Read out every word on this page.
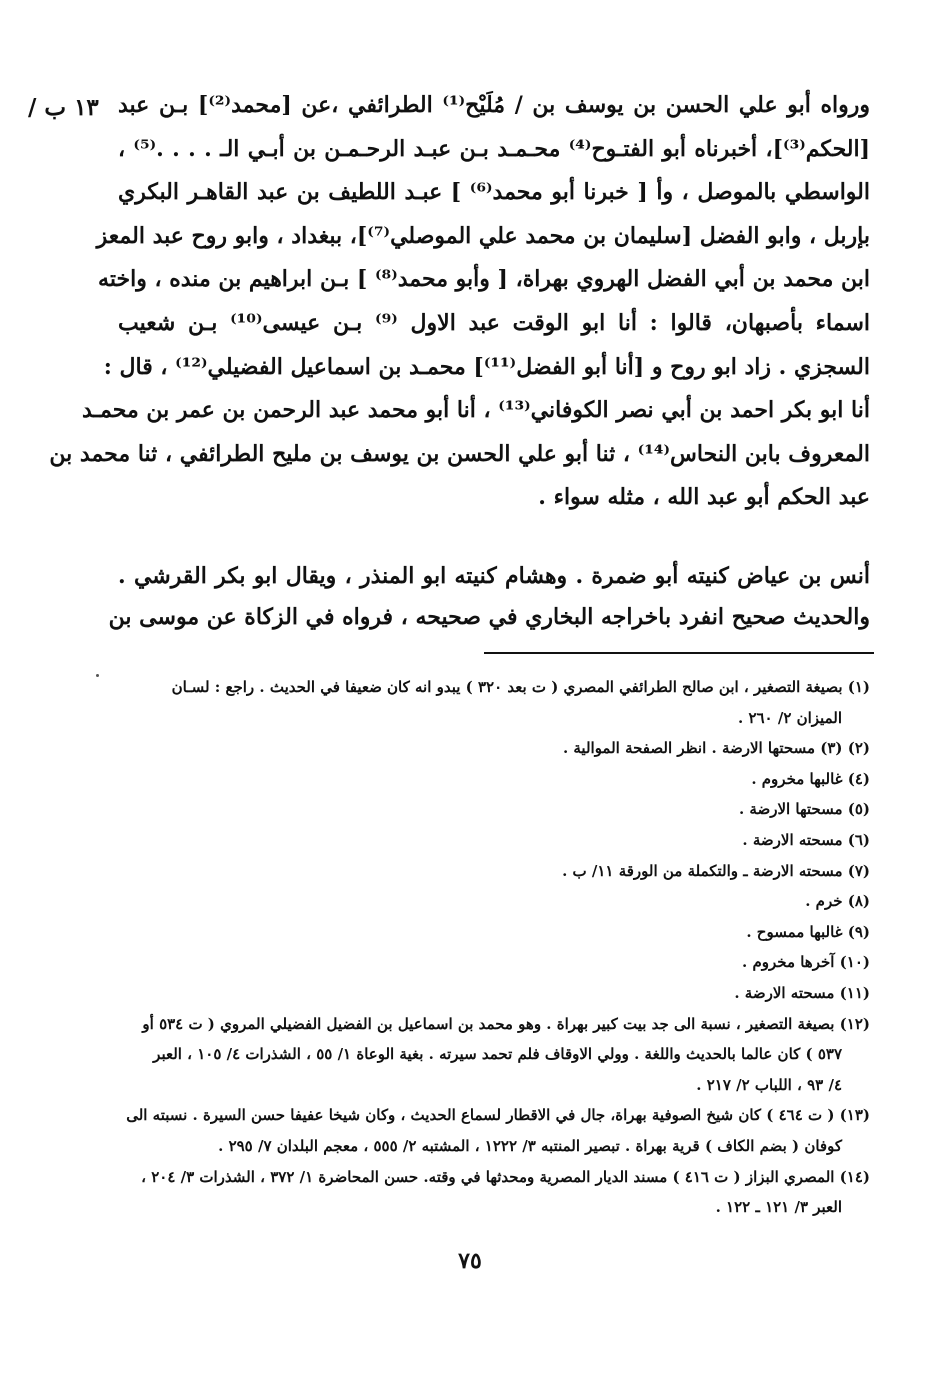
١٣ ب / ورواه أبو علي الحسن بن يوسف بن / مُلَيْح⁽¹⁾ الطرائفي ،عن [محمد⁽²⁾] بـن عبد
[الحكم⁽³⁾]، أخبرناه أبو الفتـوح⁽⁴⁾ محـمـد بـن عبـد الرحـمـن بن أبـي الـ . . . .⁽⁵⁾ ،
الواسطي بالموصل ، وأ [ خبرنا أبو محمد⁽⁶⁾ ] عبـد اللطيف بن عبد القاهـر البكري
بإربل ، وابو الفضل [سليمان بن محمد علي الموصلي⁽⁷⁾]، ببغداد ، وابو روح عبد المعز
ابن محمد بن أبي الفضل الهروي بهراة، [ وأبو محمد⁽⁸⁾ ] بـن ابراهيم بن منده ، واخته
اسماء بأصبهان، قالوا : أنا ابو الوقت عبد الاول ⁽⁹⁾ بـن عيسى⁽¹⁰⁾ بـن شعيب
السجزي . زاد ابو روح و [أنا أبو الفضل⁽¹¹⁾] محمـد بن اسماعيل الفضيلي⁽¹²⁾ ، قال :
أنا ابو بكر احمد بن أبي نصر الكوفاني⁽¹³⁾ ، أنا أبو محمد عبد الرحمن بن عمر بن محمـد
المعروف بابن النحاس⁽¹⁴⁾ ، ثنا أبو علي الحسن بن يوسف بن مليح الطرائفي ، ثنا محمد بن
عبد الحكم أبو عبد الله ، مثله سواء .
أنس بن عياض كنيته أبو ضمرة . وهشام كنيته ابو المنذر ، ويقال ابو بكر القرشي .
والحديث صحيح انفرد باخراجه البخاري في صحيحه ، فرواه في الزكاة عن موسى بن
(١) بصيغة التصغير ، ابن صالح الطرائفي المصري ( ت بعد ٣٢٠ ) يبدو انه كان ضعيفا في الحديث . راجع : لسـان
الميزان ٢/ ٢٦٠ .
(٢) (٣) مسحتها الارضة . انظر الصفحة الموالية .
(٤) غالبها مخروم .
(٥) مسحتها الارضة .
(٦) مسحته الارضة .
(٧) مسحته الارضة ـ والتكملة من الورقة ١١/ ب .
(٨) خرم .
(٩) غالبها ممسوح .
(١٠) آخرها مخروم .
(١١) مسحته الارضة .
(١٢) بصيغة التصغير ، نسبة الى جد بيت كبير بهراة . وهو محمد بن اسماعيل بن الفضيل الفضيلي المروي ( ت ٥٣٤ أو
٥٣٧ ) كان عالما بالحديث واللغة . وولي الاوقاف فلم تحمد سيرته . بغية الوعاة ١/ ٥٥ ، الشذرات ٤/ ١٠٥ ، العبر
٤/ ٩٣ ، اللباب ٢/ ٢١٧ .
(١٣) ( ت ٤٦٤ ) كان شيخ الصوفية بهراة، جال في الاقطار لسماع الحديث ، وكان شيخا عفيفا حسن السيرة . نسبته الى
كوفان ( بضم الكاف ) قرية بهراة . تبصير المنتبه ٣/ ١٢٢٢ ، المشتبه ٢/ ٥٥٥ ، معجم البلدان ٧/ ٢٩٥ .
(١٤) المصري البزاز ( ت ٤١٦ ) مسند الديار المصرية ومحدثها في وقته. حسن المحاضرة ١/ ٣٧٢ ، الشذرات ٣/ ٢٠٤ ،
العبر ٣/ ١٢١ ـ ١٢٢ .
٧٥
